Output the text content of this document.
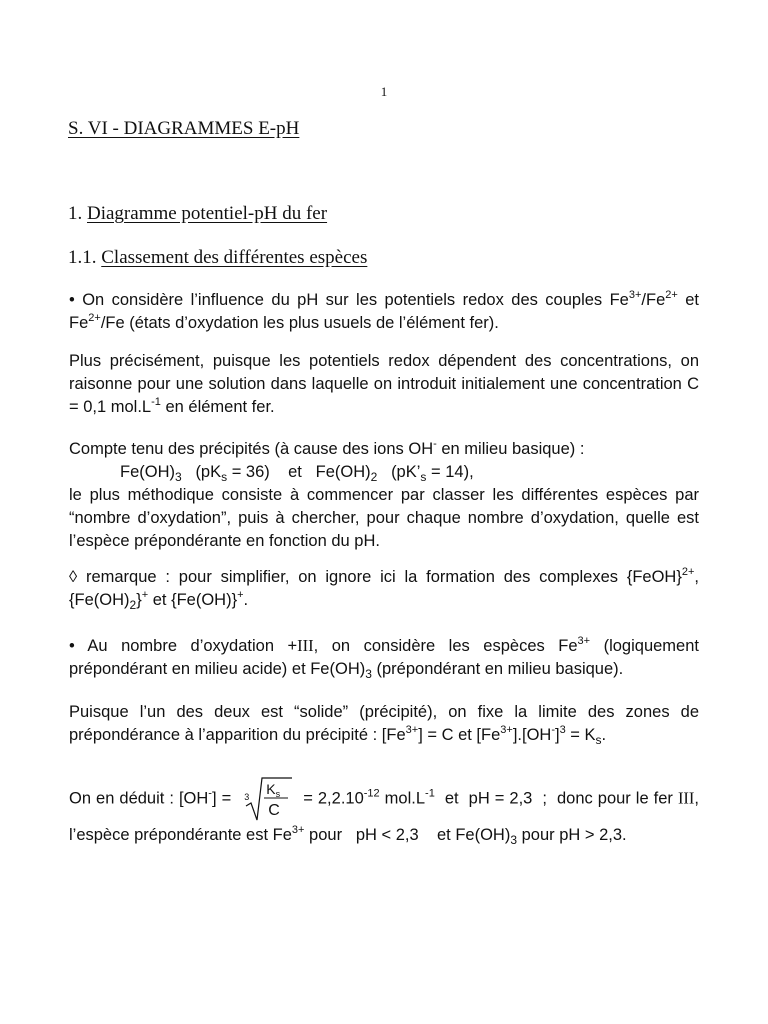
1
S. VI - DIAGRAMMES E-pH
1. Diagramme potentiel-pH du fer
1.1. Classement des différentes espèces

• On considère l’influence du pH sur les potentiels redox des couples $Fe^{3+}/Fe^{2+}$ et $Fe^{2+}/Fe$ (états d’oxydation les plus usuels de l’élément fer).

Plus précisément, puisque les potentiels redox dépendent des concentrations, on raisonne pour une solution dans laquelle on introduit initialement une concentration C = 0,1 $mol.L^{-1}$ en élément fer.

Compte tenu des précipités (à cause des ions OH- en milieu basique) :
$Fe(OH)_3$   $(pK_s = 36)$    et   $Fe(OH)_2$   $(pK’_s = 14)$,
le plus méthodique consiste à commencer par classer les différentes espèces par “nombre d’oxydation”, puis à chercher, pour chaque nombre d’oxydation, quelle est l’espèce prépondérante en fonction du pH.

◊ remarque : pour simplifier, on ignore ici la formation des complexes {FeOH}$^{2+}$, $\{Fe(OH)_2\}^+$ et {Fe(OH)}+.

• Au nombre d’oxydation +III, on considère les espèces $Fe^{3+}$ (logiquement prépondérant en milieu acide) et $Fe(OH)_3$ (prépondérant en milieu basique).

Puisque l’un des deux est “solide” (précipité), on fixe la limite des zones de prépondérance à l’apparition du précipité : $[Fe^{3+}] = C$ et $[Fe^{3+}].[OH^-]^3 = K_s$.

On en déduit : [OH-] = 3 $K_s$
C
= $2,2.10^{-12}$ $mol.L^{-1}$  et  pH = 2,3  ;  donc pour le fer III, l’espèce prépondérante est $Fe^{3+}$ pour   pH < 2,3    et $Fe(OH)_3$ pour pH > 2,3.
